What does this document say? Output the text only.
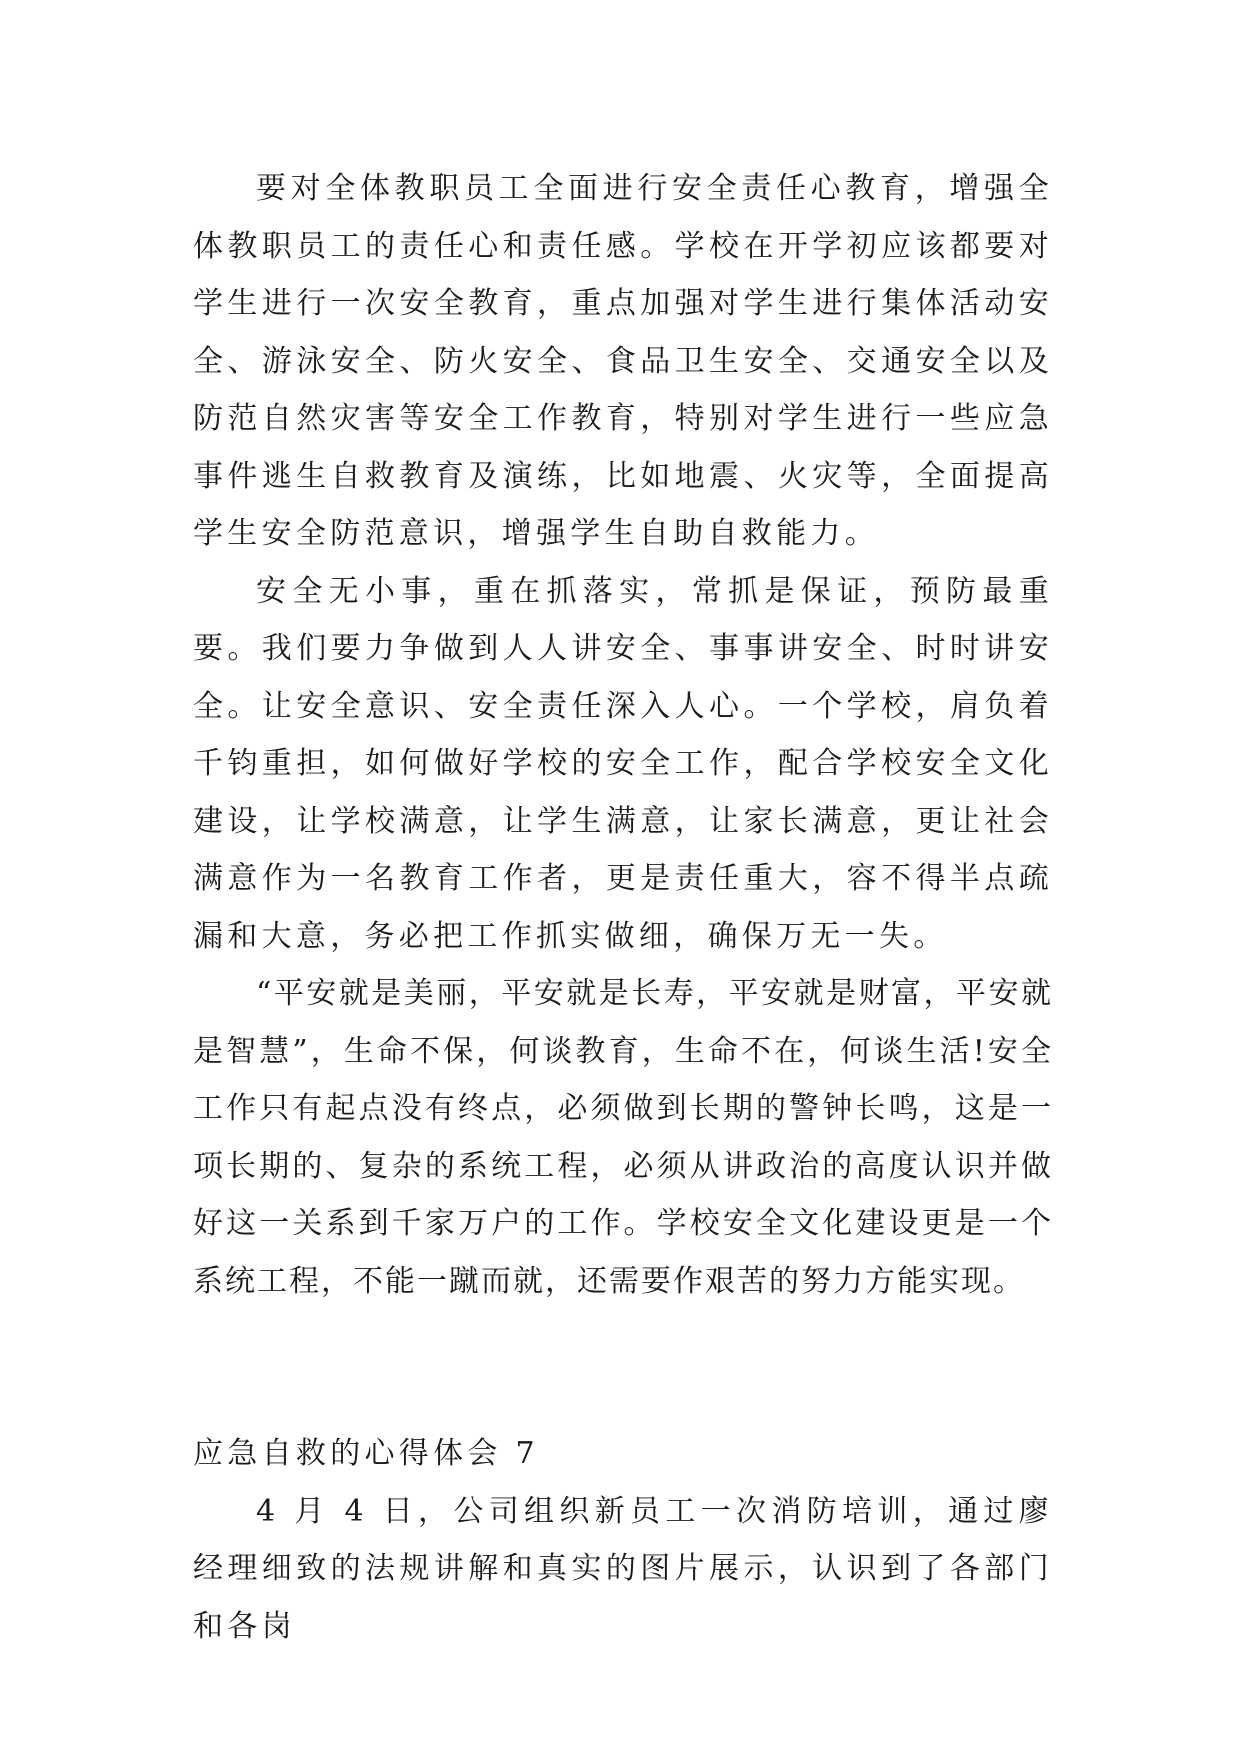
要对全体教职员工全面进行安全责任心教育，增强全体教职员工的责任心和责任感。学校在开学初应该都要对学生进行一次安全教育，重点加强对学生进行集体活动安全、游泳安全、防火安全、食品卫生安全、交通安全以及防范自然灾害等安全工作教育，特别对学生进行一些应急事件逃生自救教育及演练，比如地震、火灾等，全面提高学生安全防范意识，增强学生自助自救能力。

安全无小事，重在抓落实，常抓是保证，预防最重要。我们要力争做到人人讲安全、事事讲安全、时时讲安全。让安全意识、安全责任深入人心。一个学校，肩负着千钧重担，如何做好学校的安全工作，配合学校安全文化建设，让学校满意，让学生满意，让家长满意，更让社会满意作为一名教育工作者，更是责任重大，容不得半点疏漏和大意，务必把工作抓实做细，确保万无一失。

“平安就是美丽，平安就是长寿，平安就是财富，平安就是智慧”，生命不保，何谈教育，生命不在，何谈生活!安全工作只有起点没有终点，必须做到长期的警钟长鸣，这是一项长期的、复杂的系统工程，必须从讲政治的高度认识并做好这一关系到千家万户的工作。学校安全文化建设更是一个系统工程，不能一蹴而就，还需要作艰苦的努力方能实现。

应急自救的心得体会 7

4 月 4 日，公司组织新员工一次消防培训，通过廖经理细致的法规讲解和真实的图片展示，认识到了各部门和各岗
